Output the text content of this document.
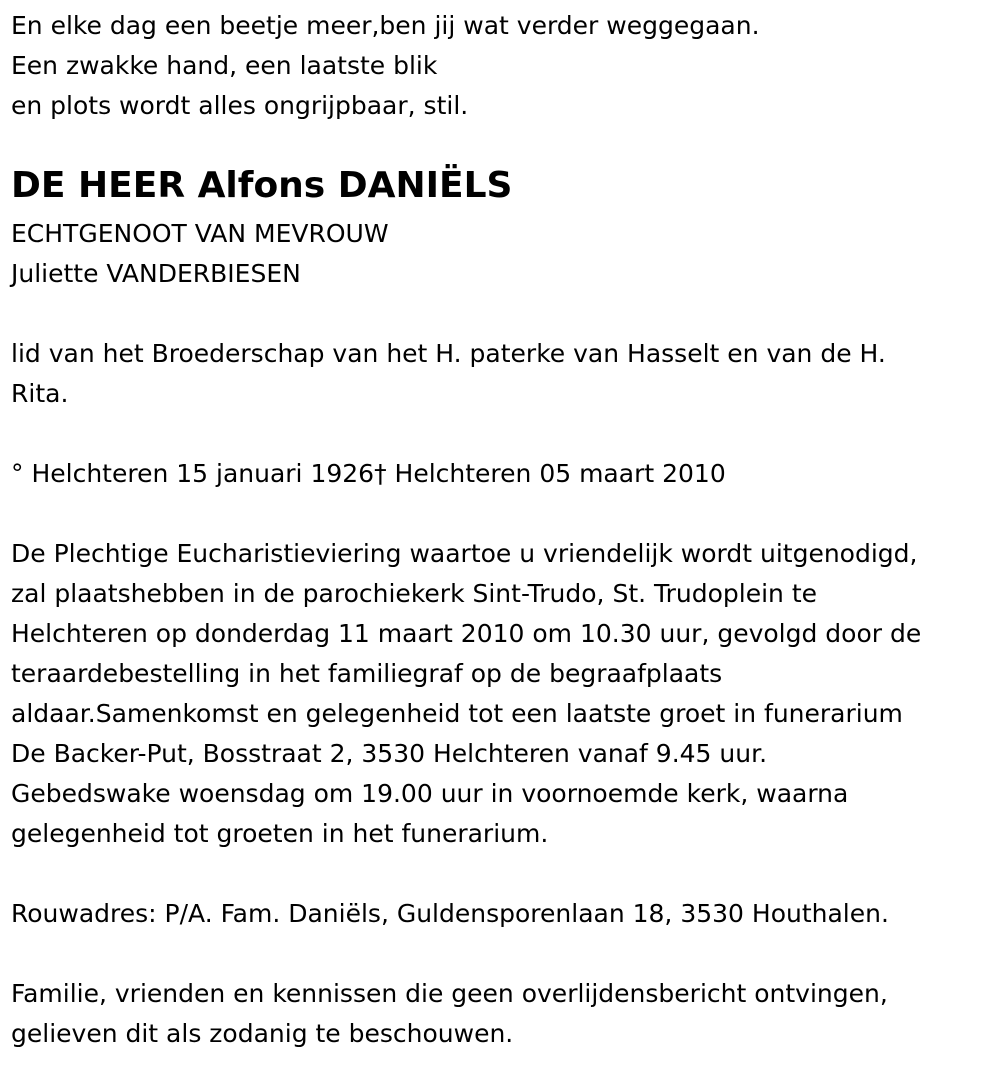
En elke dag een beetje meer,ben jij wat verder weggegaan.
Een zwakke hand, een laatste blik
en plots wordt alles ongrijpbaar, stil.
DE HEER Alfons DANIËLS
ECHTGENOOT VAN MEVROUW
Juliette VANDERBIESEN
lid van het Broederschap van het H. paterke van Hasselt en van de H.
Rita.
° Helchteren 15 januari 1926† Helchteren 05 maart 2010
De Plechtige Eucharistieviering waartoe u vriendelijk wordt uitgenodigd,
zal plaatshebben in de parochiekerk Sint-Trudo, St. Trudoplein te
Helchteren op donderdag 11 maart 2010 om 10.30 uur, gevolgd door de
teraardebestelling in het familiegraf op de begraafplaats
aldaar.Samenkomst en gelegenheid tot een laatste groet in funerarium
De Backer-Put, Bosstraat 2, 3530 Helchteren vanaf 9.45 uur.
Gebedswake woensdag om 19.00 uur in voornoemde kerk, waarna
gelegenheid tot groeten in het funerarium.
Rouwadres: P/A. Fam. Daniëls, Guldensporenlaan 18, 3530 Houthalen.
Familie, vrienden en kennissen die geen overlijdensbericht ontvingen,
gelieven dit als zodanig te beschouwen.
